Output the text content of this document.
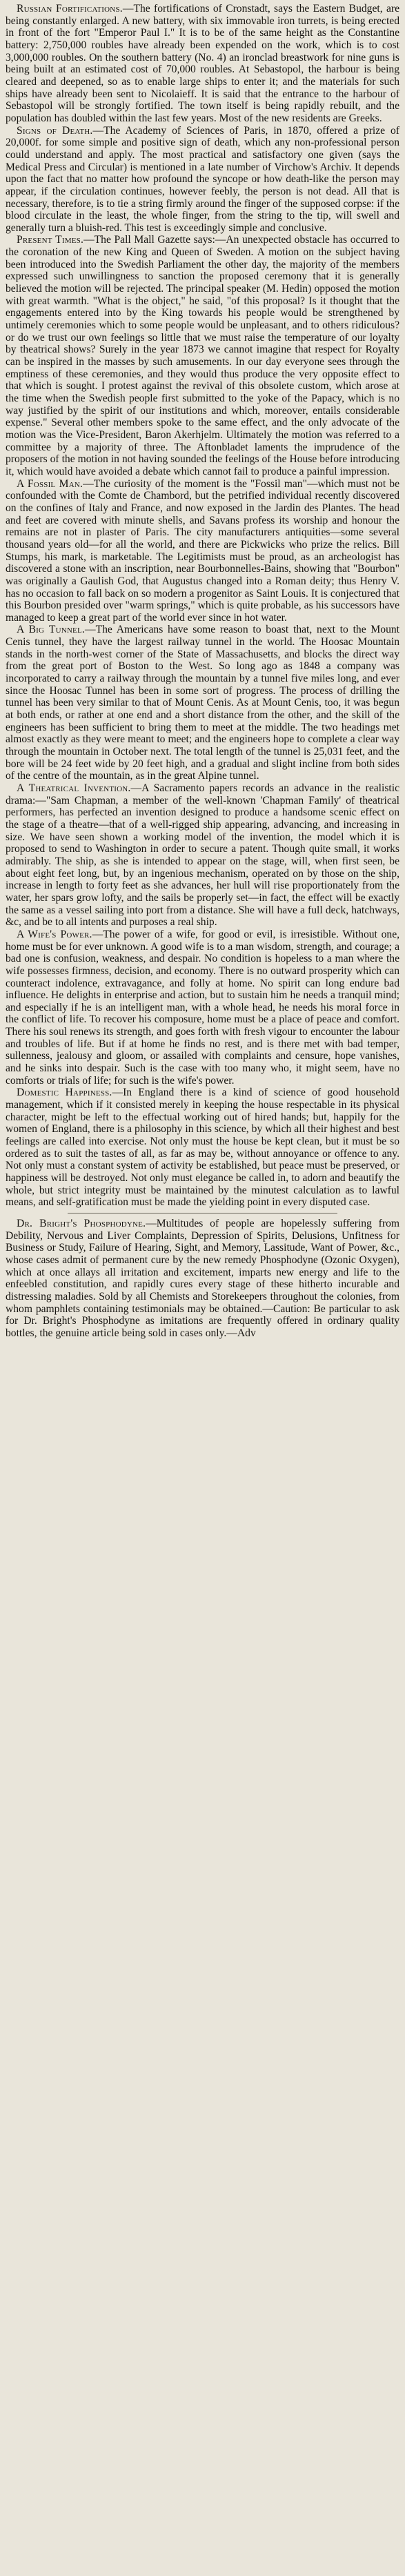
Russian Fortifications.—The fortifications of Cronstadt, says the Eastern Budget, are being constantly enlarged. A new battery, with six immovable iron turrets, is being erected in front of the fort "Emperor Paul I." It is to be of the same height as the Constantine battery: 2,750,000 roubles have already been expended on the work, which is to cost 3,000,000 roubles. On the southern battery (No. 4) an ironclad breastwork for nine guns is being built at an estimated cost of 70,000 roubles. At Sebastopol, the harbour is being cleared and deepened, so as to enable large ships to enter it; and the materials for such ships have already been sent to Nicolaieff. It is said that the entrance to the harbour of Sebastopol will be strongly fortified. The town itself is being rapidly rebuilt, and the population has doubled within the last few years. Most of the new residents are Greeks.

Signs of Death.—The Academy of Sciences of Paris, in 1870, offered a prize of 20,000f. for some simple and positive sign of death, which any non-professional person could understand and apply. The most practical and satisfactory one given (says the Medical Press and Circular) is mentioned in a late number of Virchow's Archiv. It depends upon the fact that no matter how profound the syncope or how death-like the person may appear, if the circulation continues, however feebly, the person is not dead. All that is necessary, therefore, is to tie a string firmly around the finger of the supposed corpse: if the blood circulate in the least, the whole finger, from the string to the tip, will swell and generally turn a bluish-red. This test is exceedingly simple and conclusive.

Present Times.—The Pall Mall Gazette says:—An unexpected obstacle has occurred to the coronation of the new King and Queen of Sweden. A motion on the subject having been introduced into the Swedish Parliament the other day, the majority of the members expressed such unwillingness to sanction the proposed ceremony that it is generally believed the motion will be rejected. The principal speaker (M. Hedin) opposed the motion with great warmth. "What is the object," he said, "of this proposal? Is it thought that the engagements entered into by the King towards his people would be strengthened by untimely ceremonies which to some people would be unpleasant, and to others ridiculous? or do we trust our own feelings so little that we must raise the temperature of our loyalty by theatrical shows? Surely in the year 1873 we cannot imagine that respect for Royalty can be inspired in the masses by such amusements. In our day everyone sees through the emptiness of these ceremonies, and they would thus produce the very opposite effect to that which is sought. I protest against the revival of this obsolete custom, which arose at the time when the Swedish people first submitted to the yoke of the Papacy, which is no way justified by the spirit of our institutions and which, moreover, entails considerable expense." Several other members spoke to the same effect, and the only advocate of the motion was the Vice-President, Baron Akerhjelm. Ultimately the motion was referred to a committee by a majority of three. The Aftonbladet laments the imprudence of the proposers of the motion in not having sounded the feelings of the House before introducing it, which would have avoided a debate which cannot fail to produce a painful impression.

A Fossil Man.—The curiosity of the moment is the "Fossil man"—which must not be confounded with the Comte de Chambord, but the petrified individual recently discovered on the confines of Italy and France, and now exposed in the Jardin des Plantes. The head and feet are covered with minute shells, and Savans profess its worship and honour the remains are not in plaster of Paris. The city manufacturers antiquities—some several thousand years old—for all the world, and there are Pickwicks who prize the relics. Bill Stumps, his mark, is marketable. The Legitimists must be proud, as an archeologist has discovered a stone with an inscription, near Bourbonnelles-Bains, showing that "Bourbon" was originally a Gaulish God, that Augustus changed into a Roman deity; thus Henry V. has no occasion to fall back on so modern a progenitor as Saint Louis. It is conjectured that this Bourbon presided over "warm springs," which is quite probable, as his successors have managed to keep a great part of the world ever since in hot water.

A Big Tunnel.—The Americans have some reason to boast that, next to the Mount Cenis tunnel, they have the largest railway tunnel in the world. The Hoosac Mountain stands in the north-west corner of the State of Massachusetts, and blocks the direct way from the great port of Boston to the West. So long ago as 1848 a company was incorporated to carry a railway through the mountain by a tunnel five miles long, and ever since the Hoosac Tunnel has been in some sort of progress. The process of drilling the tunnel has been very similar to that of Mount Cenis. As at Mount Cenis, too, it was begun at both ends, or rather at one end and a short distance from the other, and the skill of the engineers has been sufficient to bring them to meet at the middle. The two headings met almost exactly as they were meant to meet; and the engineers hope to complete a clear way through the mountain in October next. The total length of the tunnel is 25,031 feet, and the bore will be 24 feet wide by 20 feet high, and a gradual and slight incline from both sides of the centre of the mountain, as in the great Alpine tunnel.

A Theatrical Invention.—A Sacramento papers records an advance in the realistic drama:—"Sam Chapman, a member of the well-known 'Chapman Family' of theatrical performers, has perfected an invention designed to produce a handsome scenic effect on the stage of a theatre—that of a well-rigged ship appearing, advancing, and increasing in size. We have seen shown a working model of the invention, the model which it is proposed to send to Washington in order to secure a patent. Though quite small, it works admirably. The ship, as she is intended to appear on the stage, will, when first seen, be about eight feet long, but, by an ingenious mechanism, operated on by those on the ship, increase in length to forty feet as she advances, her hull will rise proportionately from the water, her spars grow lofty, and the sails be properly set—in fact, the effect will be exactly the same as a vessel sailing into port from a distance. She will have a full deck, hatchways, &c, and be to all intents and purposes a real ship.

A Wife's Power.—The power of a wife, for good or evil, is irresistible. Without one, home must be for ever unknown. A good wife is to a man wisdom, strength, and courage; a bad one is confusion, weakness, and despair. No condition is hopeless to a man where the wife possesses firmness, decision, and economy. There is no outward prosperity which can counteract indolence, extravagance, and folly at home. No spirit can long endure bad influence. He delights in enterprise and action, but to sustain him he needs a tranquil mind; and especially if he is an intelligent man, with a whole head, he needs his moral force in the conflict of life. To recover his composure, home must be a place of peace and comfort. There his soul renews its strength, and goes forth with fresh vigour to encounter the labour and troubles of life. But if at home he finds no rest, and is there met with bad temper, sullenness, jealousy and gloom, or assailed with complaints and censure, hope vanishes, and he sinks into despair. Such is the case with too many who, it might seem, have no comforts or trials of life; for such is the wife's power.

Domestic Happiness.—In England there is a kind of science of good household management, which if it consisted merely in keeping the house respectable in its physical character, might be left to the effectual working out of hired hands; but, happily for the women of England, there is a philosophy in this science, by which all their highest and best feelings are called into exercise. Not only must the house be kept clean, but it must be so ordered as to suit the tastes of all, as far as may be, without annoyance or offence to any. Not only must a constant system of activity be established, but peace must be preserved, or happiness will be destroyed. Not only must elegance be called in, to adorn and beautify the whole, but strict integrity must be maintained by the minutest calculation as to lawful means, and self-gratification must be made the yielding point in every disputed case.

Dr. Bright's Phosphodyne.—Multitudes of people are hopelessly suffering from Debility, Nervous and Liver Complaints, Depression of Spirits, Delusions, Unfitness for Business or Study, Failure of Hearing, Sight, and Memory, Lassitude, Want of Power, &c., whose cases admit of permanent cure by the new remedy Phosphodyne (Ozonic Oxygen), which at once allays all irritation and excitement, imparts new energy and life to the enfeebled constitution, and rapidly cures every stage of these hitherto incurable and distressing maladies. Sold by all Chemists and Storekeepers throughout the colonies, from whom pamphlets containing testimonials may be obtained.—Caution: Be particular to ask for Dr. Bright's Phosphodyne as imitations are frequently offered in ordinary quality bottles, the genuine article being sold in cases only.—Adv
